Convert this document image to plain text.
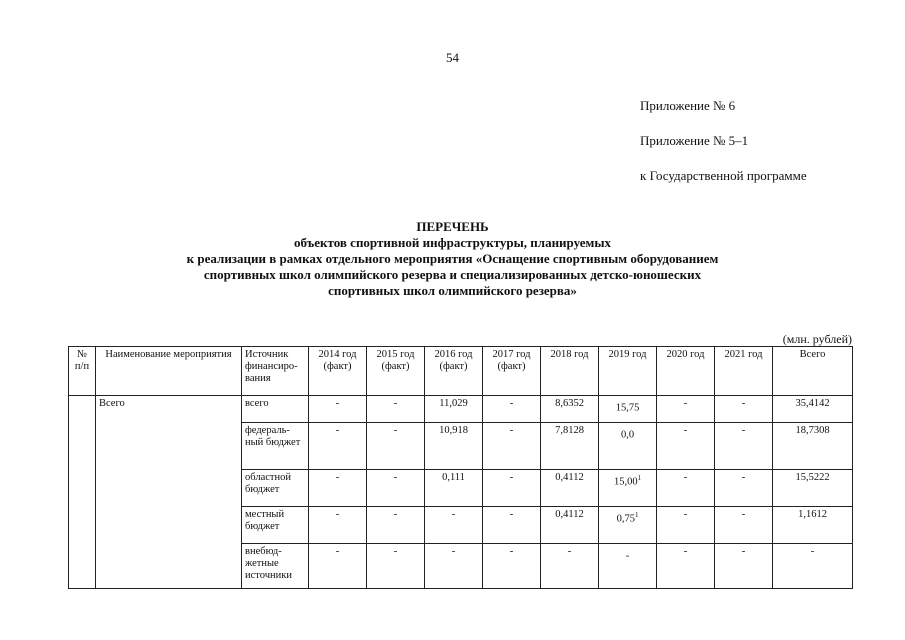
54
Приложение № 6
Приложение № 5–1
к Государственной программе
ПЕРЕЧЕНЬ
объектов спортивной инфраструктуры, планируемых
к реализации в рамках отдельного мероприятия «Оснащение спортивным оборудованием
спортивных школ олимпийского резерва и специализированных детско-юношеских
спортивных школ олимпийского резерва»
(млн. рублей)
№ п/п	Наименование мероприятия	Источник финансиро- вания	2014 год (факт)	2015 год (факт)	2016 год (факт)	2017 год (факт)	2018 год	2019 год	2020 год	2021 год	Всего
	Всего	всего	-	-	11,029	-	8,6352	15,75	-	-	35,4142
		федераль- ный бюджет	-	-	10,918	-	7,8128	0,0	-	-	18,7308
		областной бюджет	-	-	0,111	-	0,4112	15,00$^1$	-	-	15,5222
		местный бюджет	-	-	-	-	0,4112	0,75$^1$	-	-	1,1612
		внебюд- жетные источники	-	-	-	-	-	-	-	-	-
